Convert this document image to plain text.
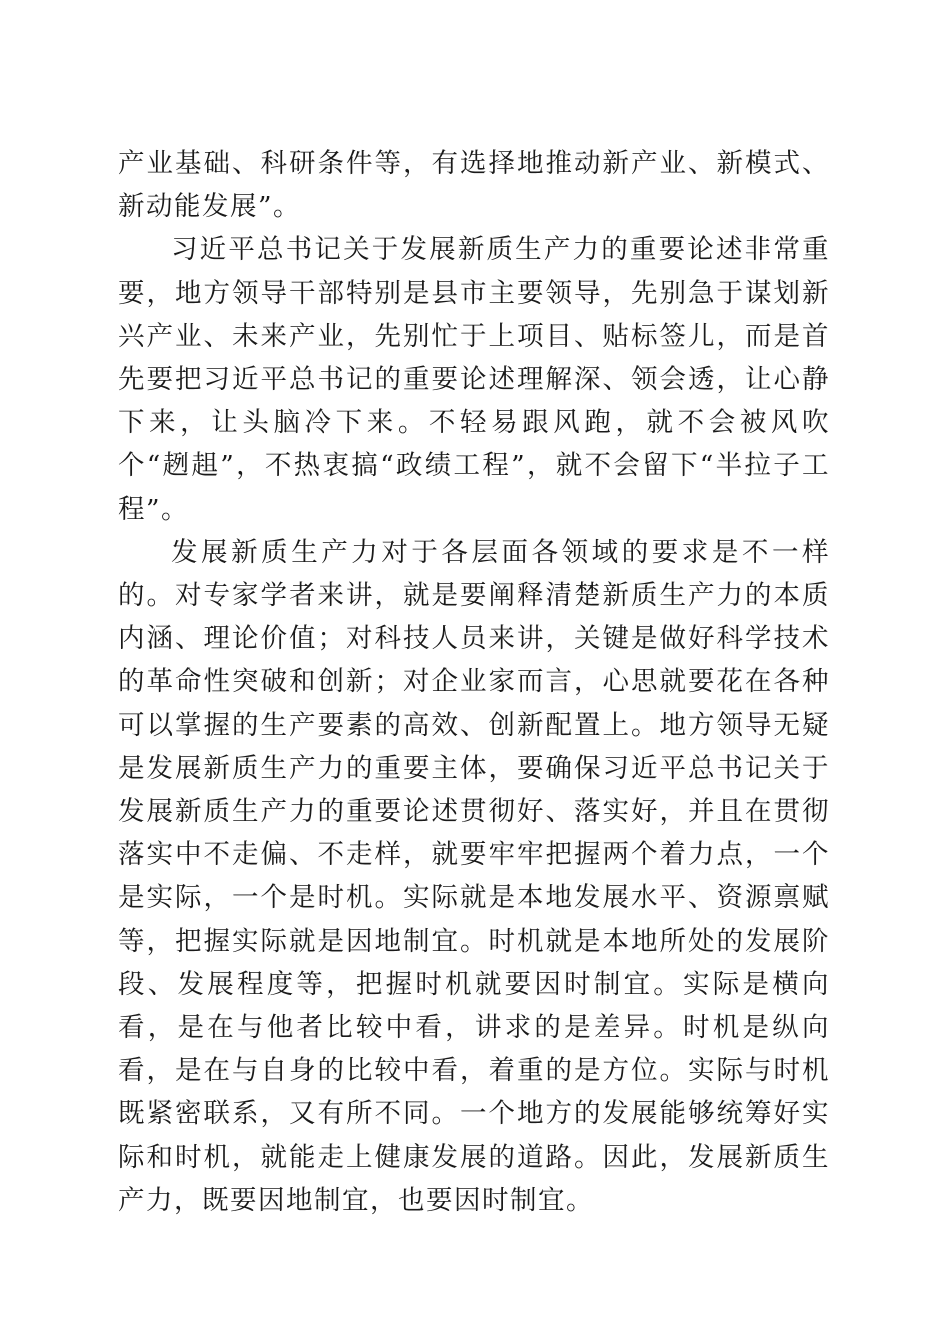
产业基础、科研条件等，有选择地推动新产业、新模式、新动能发展”。

习近平总书记关于发展新质生产力的重要论述非常重要，地方领导干部特别是县市主要领导，先别急于谋划新兴产业、未来产业，先别忙于上项目、贴标签儿，而是首先要把习近平总书记的重要论述理解深、领会透，让心静下来，让头脑冷下来。不轻易跟风跑，就不会被风吹个“趔趄”，不热衷搞“政绩工程”，就不会留下“半拉子工程”。

发展新质生产力对于各层面各领域的要求是不一样的。对专家学者来讲，就是要阐释清楚新质生产力的本质内涵、理论价值；对科技人员来讲，关键是做好科学技术的革命性突破和创新；对企业家而言，心思就要花在各种可以掌握的生产要素的高效、创新配置上。地方领导无疑是发展新质生产力的重要主体，要确保习近平总书记关于发展新质生产力的重要论述贯彻好、落实好，并且在贯彻落实中不走偏、不走样，就要牢牢把握两个着力点，一个是实际，一个是时机。实际就是本地发展水平、资源禀赋等，把握实际就是因地制宜。时机就是本地所处的发展阶段、发展程度等，把握时机就要因时制宜。实际是横向看，是在与他者比较中看，讲求的是差异。时机是纵向看，是在与自身的比较中看，着重的是方位。实际与时机既紧密联系，又有所不同。一个地方的发展能够统筹好实际和时机，就能走上健康发展的道路。因此，发展新质生产力，既要因地制宜，也要因时制宜。
